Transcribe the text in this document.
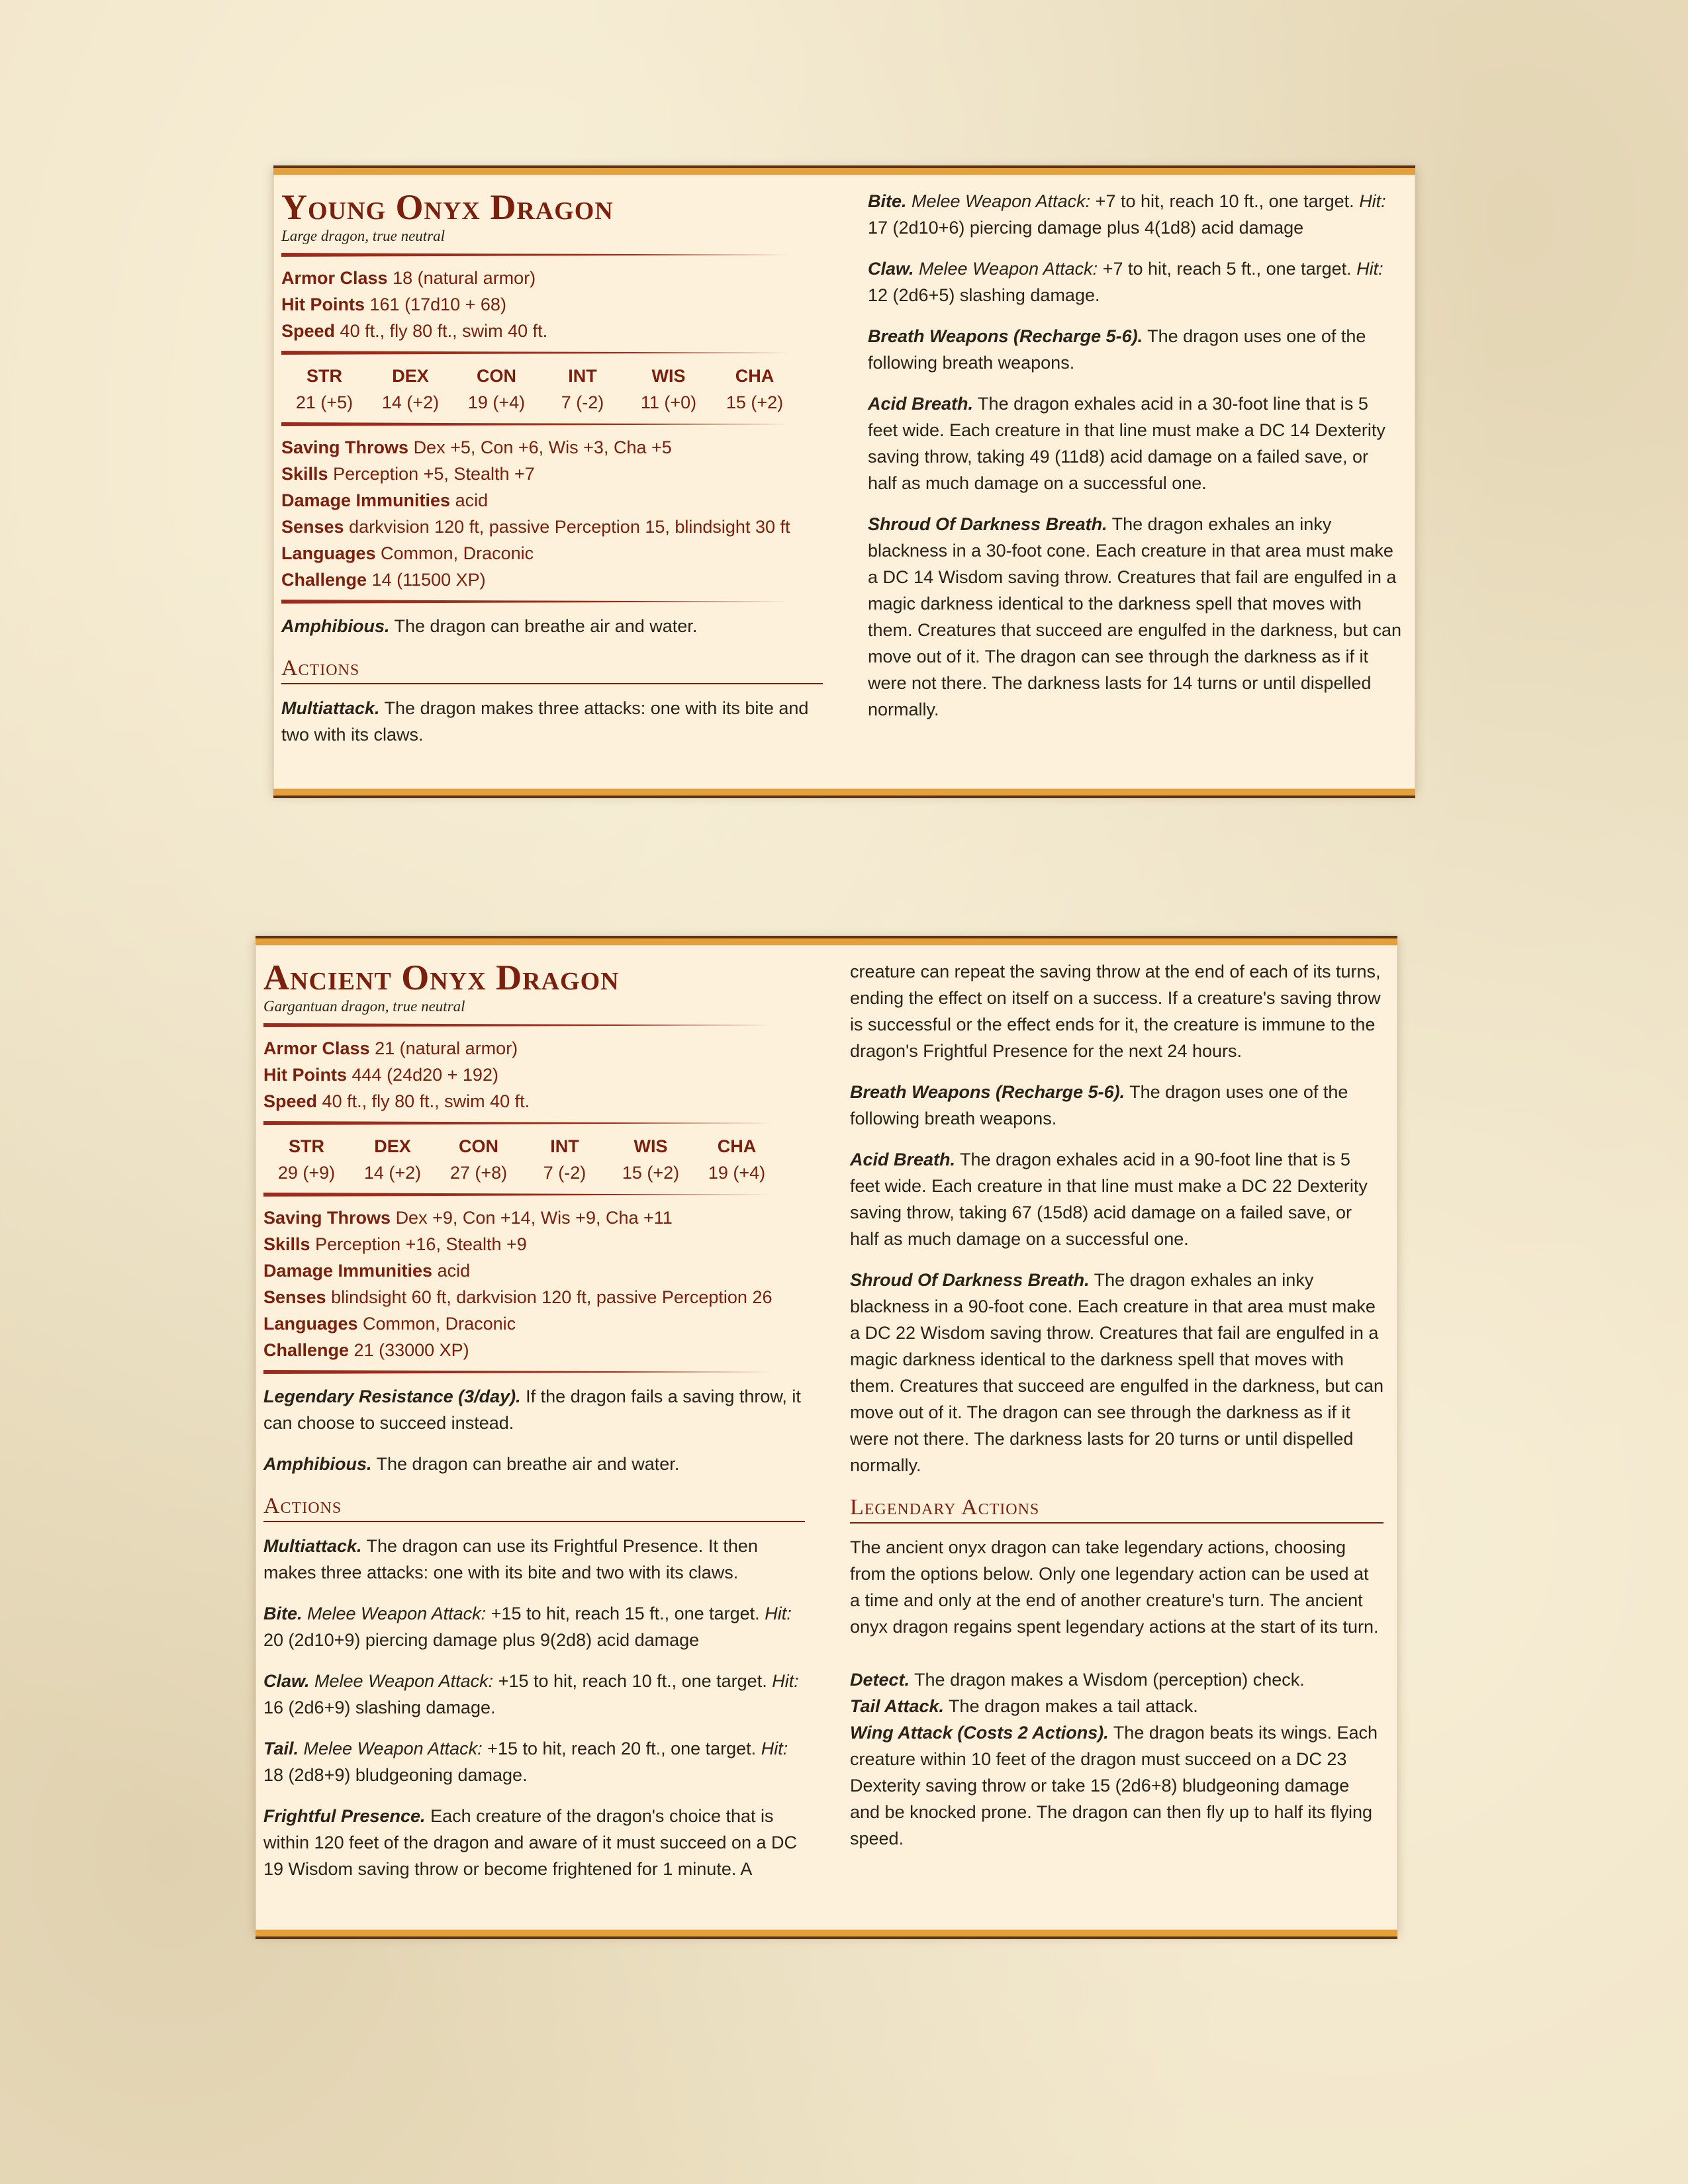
Young Onyx Dragon

Large dragon, true neutral

Armor Class 18 (natural armor)

Hit Points 161 (17d10 + 68)

Speed 40 ft., fly 80 ft., swim 40 ft.

STR
21 (+5)
DEX
14 (+2)
CON
19 (+4)
INT
7 (-2)
WIS
11 (+0)
CHA
15 (+2)

Saving Throws Dex +5, Con +6, Wis +3, Cha +5

Skills Perception +5, Stealth +7

Damage Immunities acid

Senses darkvision 120 ft, passive Perception 15, blindsight 30 ft

Languages Common, Draconic

Challenge 14 (11500 XP)

Amphibious. The dragon can breathe air and water.

Actions

Multiattack. The dragon makes three attacks: one with its bite and two with its claws.

Bite. Melee Weapon Attack: +7 to hit, reach 10 ft., one target. Hit: 17 (2d10+6) piercing damage plus 4(1d8) acid damage

Claw. Melee Weapon Attack: +7 to hit, reach 5 ft., one target. Hit: 12 (2d6+5) slashing damage.

Breath Weapons (Recharge 5-6). The dragon uses one of the following breath weapons.

Acid Breath. The dragon exhales acid in a 30-foot line that is 5 feet wide. Each creature in that line must make a DC 14 Dexterity saving throw, taking 49 (11d8) acid damage on a failed save, or half as much damage on a successful one.

Shroud Of Darkness Breath. The dragon exhales an inky blackness in a 30-foot cone. Each creature in that area must make a DC 14 Wisdom saving throw. Creatures that fail are engulfed in a magic darkness identical to the darkness spell that moves with them. Creatures that succeed are engulfed in the darkness, but can move out of it. The dragon can see through the darkness as if it were not there. The darkness lasts for 14 turns or until dispelled normally.

Ancient Onyx Dragon

Gargantuan dragon, true neutral

Armor Class 21 (natural armor)

Hit Points 444 (24d20 + 192)

Speed 40 ft., fly 80 ft., swim 40 ft.

STR
29 (+9)
DEX
14 (+2)
CON
27 (+8)
INT
7 (-2)
WIS
15 (+2)
CHA
19 (+4)

Saving Throws Dex +9, Con +14, Wis +9, Cha +11

Skills Perception +16, Stealth +9

Damage Immunities acid

Senses blindsight 60 ft, darkvision 120 ft, passive Perception 26

Languages Common, Draconic

Challenge 21 (33000 XP)

Legendary Resistance (3/day). If the dragon fails a saving throw, it can choose to succeed instead.

Amphibious. The dragon can breathe air and water.

Actions

Multiattack. The dragon can use its Frightful Presence. It then makes three attacks: one with its bite and two with its claws.

Bite. Melee Weapon Attack: +15 to hit, reach 15 ft., one target. Hit: 20 (2d10+9) piercing damage plus 9(2d8) acid damage

Claw. Melee Weapon Attack: +15 to hit, reach 10 ft., one target. Hit: 16 (2d6+9) slashing damage.

Tail. Melee Weapon Attack: +15 to hit, reach 20 ft., one target. Hit: 18 (2d8+9) bludgeoning damage.

Frightful Presence. Each creature of the dragon's choice that is within 120 feet of the dragon and aware of it must succeed on a DC 19 Wisdom saving throw or become frightened for 1 minute. A

creature can repeat the saving throw at the end of each of its turns, ending the effect on itself on a success. If a creature's saving throw is successful or the effect ends for it, the creature is immune to the dragon's Frightful Presence for the next 24 hours.

Breath Weapons (Recharge 5-6). The dragon uses one of the following breath weapons.

Acid Breath. The dragon exhales acid in a 90-foot line that is 5 feet wide. Each creature in that line must make a DC 22 Dexterity saving throw, taking 67 (15d8) acid damage on a failed save, or half as much damage on a successful one.

Shroud Of Darkness Breath. The dragon exhales an inky blackness in a 90-foot cone. Each creature in that area must make a DC 22 Wisdom saving throw. Creatures that fail are engulfed in a magic darkness identical to the darkness spell that moves with them. Creatures that succeed are engulfed in the darkness, but can move out of it. The dragon can see through the darkness as if it were not there. The darkness lasts for 20 turns or until dispelled normally.

Legendary Actions

The ancient onyx dragon can take legendary actions, choosing from the options below. Only one legendary action can be used at a time and only at the end of another creature's turn. The ancient onyx dragon regains spent legendary actions at the start of its turn.

Detect. The dragon makes a Wisdom (perception) check.

Tail Attack. The dragon makes a tail attack.

Wing Attack (Costs 2 Actions). The dragon beats its wings. Each creature within 10 feet of the dragon must succeed on a DC 23 Dexterity saving throw or take 15 (2d6+8) bludgeoning damage and be knocked prone. The dragon can then fly up to half its flying speed.
